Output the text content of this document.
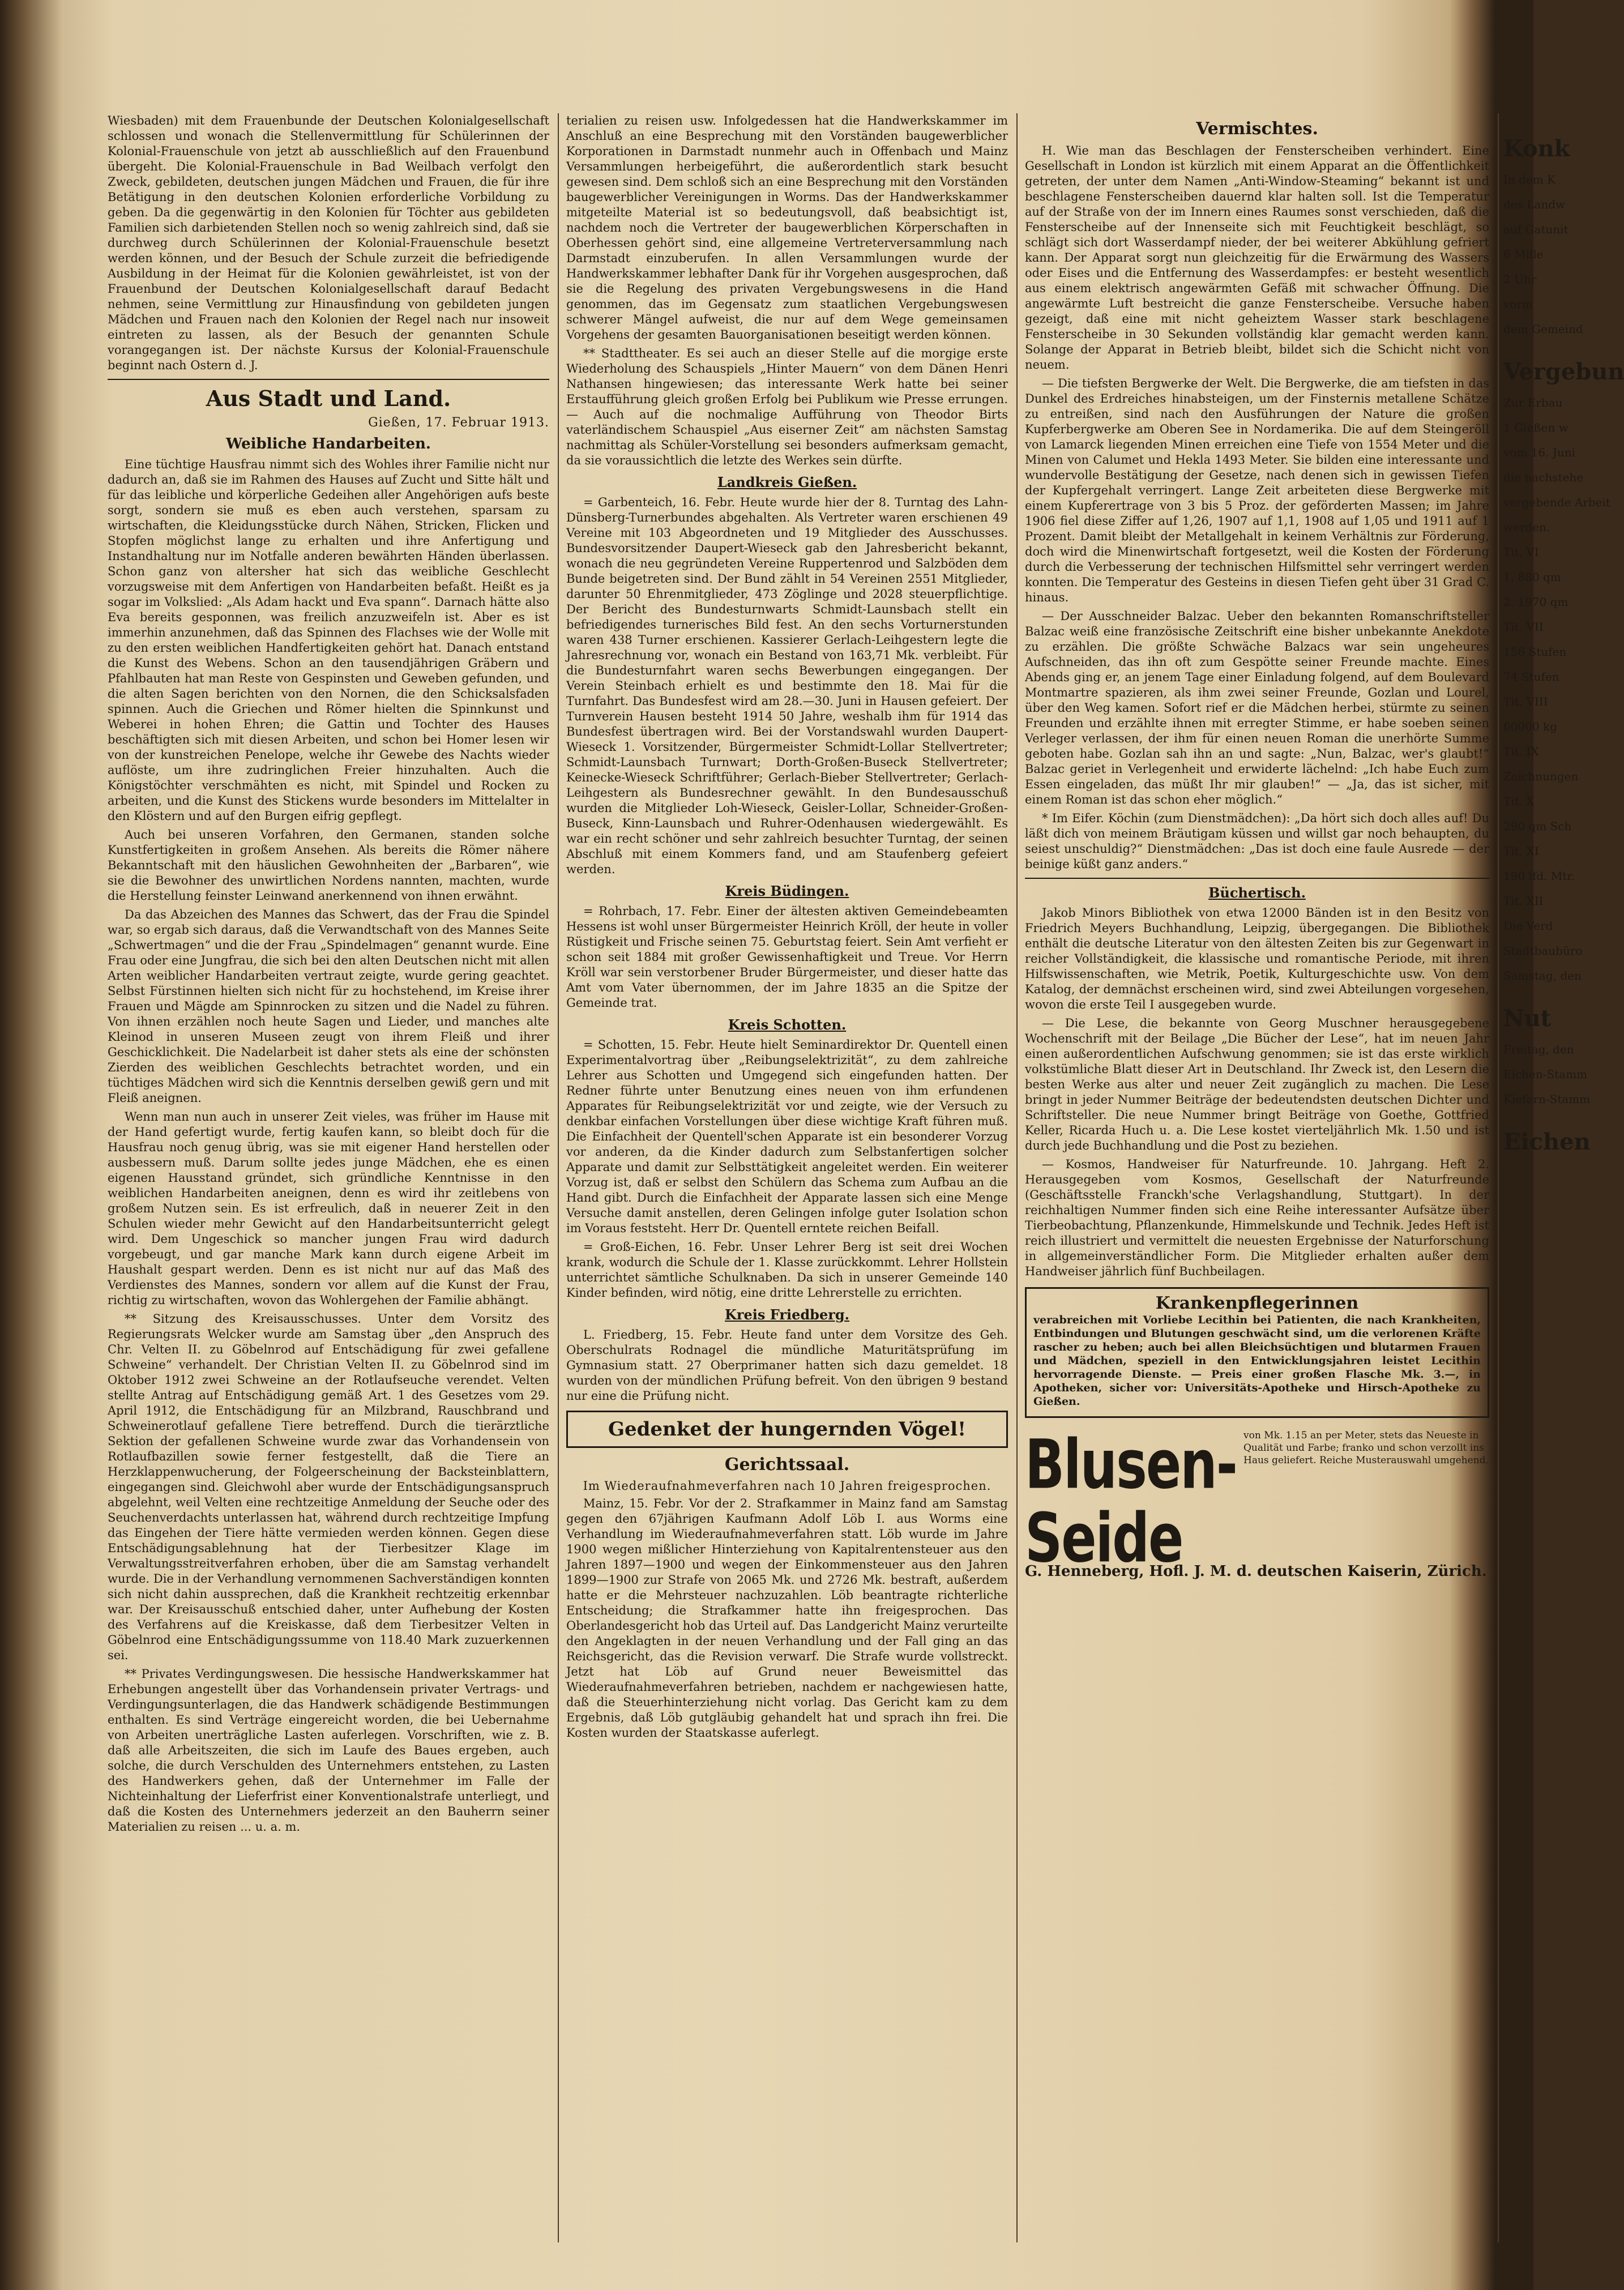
Wiesbaden) mit dem Frauenbunde der Deutschen Kolonialgesellschaft schlossen und wonach die Stellenvermittlung für Schülerinnen der Kolonial-Frauenschule von jetzt ab ausschließlich auf den Frauenbund übergeht. Die Kolonial-Frauenschule in Bad Weilbach verfolgt den Zweck, gebildeten, deutschen jungen Mädchen und Frauen, die für ihre Betätigung in den deutschen Kolonien erforderliche Vorbildung zu geben. Da die gegenwärtig in den Kolonien für Töchter aus gebildeten Familien sich darbietenden Stellen noch so wenig zahlreich sind, daß sie durchweg durch Schülerinnen der Kolonial-Frauenschule besetzt werden können, und der Besuch der Schule zurzeit die befriedigende Ausbildung in der Heimat für die Kolonien gewährleistet, ist von der Frauenbund der Deutschen Kolonialgesellschaft darauf Bedacht nehmen, seine Vermittlung zur Hinausfindung von gebildeten jungen Mädchen und Frauen nach den Kolonien der Regel nach nur insoweit eintreten zu lassen, als der Besuch der genannten Schule vorangegangen ist. Der nächste Kursus der Kolonial-Frauenschule beginnt nach Ostern d. J.

Aus Stadt und Land.
Gießen, 17. Februar 1913.
Weibliche Handarbeiten.

Eine tüchtige Hausfrau nimmt sich des Wohles ihrer Familie nicht nur dadurch an, daß sie im Rahmen des Hauses auf Zucht und Sitte hält und für das leibliche und körperliche Gedeihen aller Angehörigen aufs beste sorgt, sondern sie muß es eben auch verstehen, sparsam zu wirtschaften, die Kleidungsstücke durch Nähen, Stricken, Flicken und Stopfen möglichst lange zu erhalten und ihre Anfertigung und Instandhaltung nur im Notfalle anderen bewährten Händen überlassen. Schon ganz von altersher hat sich das weibliche Geschlecht vorzugsweise mit dem Anfertigen von Handarbeiten befaßt. Heißt es ja sogar im Volkslied: „Als Adam hackt und Eva spann“. Darnach hätte also Eva bereits gesponnen, was freilich anzuzweifeln ist. Aber es ist immerhin anzunehmen, daß das Spinnen des Flachses wie der Wolle mit zu den ersten weiblichen Handfertigkeiten gehört hat. Danach entstand die Kunst des Webens. Schon an den tausendjährigen Gräbern und Pfahlbauten hat man Reste von Gespinsten und Geweben gefunden, und die alten Sagen berichten von den Nornen, die den Schicksalsfaden spinnen. Auch die Griechen und Römer hielten die Spinnkunst und Weberei in hohen Ehren; die Gattin und Tochter des Hauses beschäftigten sich mit diesen Arbeiten, und schon bei Homer lesen wir von der kunstreichen Penelope, welche ihr Gewebe des Nachts wieder auflöste, um ihre zudringlichen Freier hinzuhalten. Auch die Königstöchter verschmähten es nicht, mit Spindel und Rocken zu arbeiten, und die Kunst des Stickens wurde besonders im Mittelalter in den Klöstern und auf den Burgen eifrig gepflegt.

Auch bei unseren Vorfahren, den Germanen, standen solche Kunstfertigkeiten in großem Ansehen. Als bereits die Römer nähere Bekanntschaft mit den häuslichen Gewohnheiten der „Barbaren“, wie sie die Bewohner des unwirtlichen Nordens nannten, machten, wurde die Herstellung feinster Leinwand anerkennend von ihnen erwähnt.

Da das Abzeichen des Mannes das Schwert, das der Frau die Spindel war, so ergab sich daraus, daß die Verwandtschaft von des Mannes Seite „Schwertmagen“ und die der Frau „Spindelmagen“ genannt wurde. Eine Frau oder eine Jungfrau, die sich bei den alten Deutschen nicht mit allen Arten weiblicher Handarbeiten vertraut zeigte, wurde gering geachtet. Selbst Fürstinnen hielten sich nicht für zu hochstehend, im Kreise ihrer Frauen und Mägde am Spinnrocken zu sitzen und die Nadel zu führen. Von ihnen erzählen noch heute Sagen und Lieder, und manches alte Kleinod in unseren Museen zeugt von ihrem Fleiß und ihrer Geschicklichkeit. Die Nadelarbeit ist daher stets als eine der schönsten Zierden des weiblichen Geschlechts betrachtet worden, und ein tüchtiges Mädchen wird sich die Kenntnis derselben gewiß gern und mit Fleiß aneignen.

Wenn man nun auch in unserer Zeit vieles, was früher im Hause mit der Hand gefertigt wurde, fertig kaufen kann, so bleibt doch für die Hausfrau noch genug übrig, was sie mit eigener Hand herstellen oder ausbessern muß. Darum sollte jedes junge Mädchen, ehe es einen eigenen Hausstand gründet, sich gründliche Kenntnisse in den weiblichen Handarbeiten aneignen, denn es wird ihr zeitlebens von großem Nutzen sein. Es ist erfreulich, daß in neuerer Zeit in den Schulen wieder mehr Gewicht auf den Handarbeitsunterricht gelegt wird. Dem Ungeschick so mancher jungen Frau wird dadurch vorgebeugt, und gar manche Mark kann durch eigene Arbeit im Haushalt gespart werden. Denn es ist nicht nur auf das Maß des Verdienstes des Mannes, sondern vor allem auf die Kunst der Frau, richtig zu wirtschaften, wovon das Wohlergehen der Familie abhängt.

** Sitzung des Kreisausschusses. Unter dem Vorsitz des Regierungsrats Welcker wurde am Samstag über „den Anspruch des Chr. Velten II. zu Göbelnrod auf Entschädigung für zwei gefallene Schweine“ verhandelt. Der Christian Velten II. zu Göbelnrod sind im Oktober 1912 zwei Schweine an der Rotlaufseuche verendet. Velten stellte Antrag auf Entschädigung gemäß Art. 1 des Gesetzes vom 29. April 1912, die Entschädigung für an Milzbrand, Rauschbrand und Schweinerotlauf gefallene Tiere betreffend. Durch die tierärztliche Sektion der gefallenen Schweine wurde zwar das Vorhandensein von Rotlaufbazillen sowie ferner festgestellt, daß die Tiere an Herzklappenwucherung, der Folgeerscheinung der Backsteinblattern, eingegangen sind. Gleichwohl aber wurde der Entschädigungsanspruch abgelehnt, weil Velten eine rechtzeitige Anmeldung der Seuche oder des Seuchenverdachts unterlassen hat, während durch rechtzeitige Impfung das Eingehen der Tiere hätte vermieden werden können. Gegen diese Entschädigungsablehnung hat der Tierbesitzer Klage im Verwaltungsstreitverfahren erhoben, über die am Samstag verhandelt wurde. Die in der Verhandlung vernommenen Sachverständigen konnten sich nicht dahin aussprechen, daß die Krankheit rechtzeitig erkennbar war. Der Kreisausschuß entschied daher, unter Aufhebung der Kosten des Verfahrens auf die Kreiskasse, daß dem Tierbesitzer Velten in Göbelnrod eine Entschädigungssumme von 118.40 Mark zuzuerkennen sei.

** Privates Verdingungswesen. Die hessische Handwerkskammer hat Erhebungen angestellt über das Vorhandensein privater Vertrags- und Verdingungsunterlagen, die das Handwerk schädigende Bestimmungen enthalten. Es sind Verträge eingereicht worden, die bei Uebernahme von Arbeiten unerträgliche Lasten auferlegen. Vorschriften, wie z. B. daß alle Arbeitszeiten, die sich im Laufe des Baues ergeben, auch solche, die durch Verschulden des Unternehmers entstehen, zu Lasten des Handwerkers gehen, daß der Unternehmer im Falle der Nichteinhaltung der Lieferfrist einer Konventionalstrafe unterliegt, und daß die Kosten des Unternehmers jederzeit an den Bauherrn seiner Materialien zu reisen ... u. a. m.

terialien zu reisen usw. Infolgedessen hat die Handwerkskammer im Anschluß an eine Besprechung mit den Vorständen baugewerblicher Korporationen in Darmstadt nunmehr auch in Offenbach und Mainz Versammlungen herbeigeführt, die außerordentlich stark besucht gewesen sind. Dem schloß sich an eine Besprechung mit den Vorständen baugewerblicher Vereinigungen in Worms. Das der Handwerkskammer mitgeteilte Material ist so bedeutungsvoll, daß beabsichtigt ist, nachdem noch die Vertreter der baugewerblichen Körperschaften in Oberhessen gehört sind, eine allgemeine Vertreterversammlung nach Darmstadt einzuberufen. In allen Versammlungen wurde der Handwerkskammer lebhafter Dank für ihr Vorgehen ausgesprochen, daß sie die Regelung des privaten Vergebungswesens in die Hand genommen, das im Gegensatz zum staatlichen Vergebungswesen schwerer Mängel aufweist, die nur auf dem Wege gemeinsamen Vorgehens der gesamten Bauorganisationen beseitigt werden können.

** Stadttheater. Es sei auch an dieser Stelle auf die morgige erste Wiederholung des Schauspiels „Hinter Mauern“ von dem Dänen Henri Nathansen hingewiesen; das interessante Werk hatte bei seiner Erstaufführung gleich großen Erfolg bei Publikum wie Presse errungen. — Auch auf die nochmalige Aufführung von Theodor Birts vaterländischem Schauspiel „Aus eiserner Zeit“ am nächsten Samstag nachmittag als Schüler-Vorstellung sei besonders aufmerksam gemacht, da sie voraussichtlich die letzte des Werkes sein dürfte.

Landkreis Gießen.

= Garbenteich, 16. Febr. Heute wurde hier der 8. Turntag des Lahn-Dünsberg-Turnerbundes abgehalten. Als Vertreter waren erschienen 49 Vereine mit 103 Abgeordneten und 19 Mitglieder des Ausschusses. Bundesvorsitzender Daupert-Wieseck gab den Jahresbericht bekannt, wonach die neu gegründeten Vereine Ruppertenrod und Salzböden dem Bunde beigetreten sind. Der Bund zählt in 54 Vereinen 2551 Mitglieder, darunter 50 Ehrenmitglieder, 473 Zöglinge und 2028 steuerpflichtige. Der Bericht des Bundesturnwarts Schmidt-Launsbach stellt ein befriedigendes turnerisches Bild fest. An den sechs Vorturnerstunden waren 438 Turner erschienen. Kassierer Gerlach-Leihgestern legte die Jahresrechnung vor, wonach ein Bestand von 163,71 Mk. verbleibt. Für die Bundesturnfahrt waren sechs Bewerbungen eingegangen. Der Verein Steinbach erhielt es und bestimmte den 18. Mai für die Turnfahrt. Das Bundesfest wird am 28.—30. Juni in Hausen gefeiert. Der Turnverein Hausen besteht 1914 50 Jahre, weshalb ihm für 1914 das Bundesfest übertragen wird. Bei der Vorstandswahl wurden Daupert-Wieseck 1. Vorsitzender, Bürgermeister Schmidt-Lollar Stellvertreter; Schmidt-Launsbach Turnwart; Dorth-Großen-Buseck Stellvertreter; Keinecke-Wieseck Schriftführer; Gerlach-Bieber Stellvertreter; Gerlach-Leihgestern als Bundesrechner gewählt. In den Bundesausschuß wurden die Mitglieder Loh-Wieseck, Geisler-Lollar, Schneider-Großen-Buseck, Kinn-Launsbach und Ruhrer-Odenhausen wiedergewählt. Es war ein recht schöner und sehr zahlreich besuchter Turntag, der seinen Abschluß mit einem Kommers fand, und am Staufenberg gefeiert werden.

Kreis Büdingen.

= Rohrbach, 17. Febr. Einer der ältesten aktiven Gemeindebeamten Hessens ist wohl unser Bürgermeister Heinrich Kröll, der heute in voller Rüstigkeit und Frische seinen 75. Geburtstag feiert. Sein Amt verfieht er schon seit 1884 mit großer Gewissenhaftigkeit und Treue. Vor Herrn Kröll war sein verstorbener Bruder Bürgermeister, und dieser hatte das Amt vom Vater übernommen, der im Jahre 1835 an die Spitze der Gemeinde trat.

Kreis Schotten.

= Schotten, 15. Febr. Heute hielt Seminardirektor Dr. Quentell einen Experimentalvortrag über „Reibungselektrizität“, zu dem zahlreiche Lehrer aus Schotten und Umgegend sich eingefunden hatten. Der Redner führte unter Benutzung eines neuen von ihm erfundenen Apparates für Reibungselektrizität vor und zeigte, wie der Versuch zu denkbar einfachen Vorstellungen über diese wichtige Kraft führen muß. Die Einfachheit der Quentell'schen Apparate ist ein besonderer Vorzug vor anderen, da die Kinder dadurch zum Selbstanfertigen solcher Apparate und damit zur Selbsttätigkeit angeleitet werden. Ein weiterer Vorzug ist, daß er selbst den Schülern das Schema zum Aufbau an die Hand gibt. Durch die Einfachheit der Apparate lassen sich eine Menge Versuche damit anstellen, deren Gelingen infolge guter Isolation schon im Voraus feststeht. Herr Dr. Quentell erntete reichen Beifall.

= Groß-Eichen, 16. Febr. Unser Lehrer Berg ist seit drei Wochen krank, wodurch die Schule der 1. Klasse zurückkommt. Lehrer Hollstein unterrichtet sämtliche Schulknaben. Da sich in unserer Gemeinde 140 Kinder befinden, wird nötig, eine dritte Lehrerstelle zu errichten.

Kreis Friedberg.

L. Friedberg, 15. Febr. Heute fand unter dem Vorsitze des Geh. Oberschulrats Rodnagel die mündliche Maturitätsprüfung im Gymnasium statt. 27 Oberprimaner hatten sich dazu gemeldet. 18 wurden von der mündlichen Prüfung befreit. Von den übrigen 9 bestand nur eine die Prüfung nicht.

Gedenket der hungernden Vögel!
Gerichtssaal.
Im Wiederaufnahmeverfahren nach 10 Jahren freigesprochen.

Mainz, 15. Febr. Vor der 2. Strafkammer in Mainz fand am Samstag gegen den 67jährigen Kaufmann Adolf Löb I. aus Worms eine Verhandlung im Wiederaufnahmeverfahren statt. Löb wurde im Jahre 1900 wegen mißlicher Hinterziehung von Kapitalrentensteuer aus den Jahren 1897—1900 und wegen der Einkommensteuer aus den Jahren 1899—1900 zur Strafe von 2065 Mk. und 2726 Mk. bestraft, außerdem hatte er die Mehrsteuer nachzuzahlen. Löb beantragte richterliche Entscheidung; die Strafkammer hatte ihn freigesprochen. Das Oberlandesgericht hob das Urteil auf. Das Landgericht Mainz verurteilte den Angeklagten in der neuen Verhandlung und der Fall ging an das Reichsgericht, das die Revision verwarf. Die Strafe wurde vollstreckt. Jetzt hat Löb auf Grund neuer Beweismittel das Wiederaufnahmeverfahren betrieben, nachdem er nachgewiesen hatte, daß die Steuerhinterziehung nicht vorlag. Das Gericht kam zu dem Ergebnis, daß Löb gutgläubig gehandelt hat und sprach ihn frei. Die Kosten wurden der Staatskasse auferlegt.

Vermischtes.

H. Wie man das Beschlagen der Fensterscheiben verhindert. Eine Gesellschaft in London ist kürzlich mit einem Apparat an die Öffentlichkeit getreten, der unter dem Namen „Anti-Window-Steaming“ bekannt ist und beschlagene Fensterscheiben dauernd klar halten soll. Ist die Temperatur auf der Straße von der im Innern eines Raumes sonst verschieden, daß die Fensterscheibe auf der Innenseite sich mit Feuchtigkeit beschlägt, so schlägt sich dort Wasserdampf nieder, der bei weiterer Abkühlung gefriert kann. Der Apparat sorgt nun gleichzeitig für die Erwärmung des Wassers oder Eises und die Entfernung des Wasserdampfes: er besteht wesentlich aus einem elektrisch angewärmten Gefäß mit schwacher Öffnung. Die angewärmte Luft bestreicht die ganze Fensterscheibe. Versuche haben gezeigt, daß eine mit nicht geheiztem Wasser stark beschlagene Fensterscheibe in 30 Sekunden vollständig klar gemacht werden kann. Solange der Apparat in Betrieb bleibt, bildet sich die Schicht nicht von neuem.

— Die tiefsten Bergwerke der Welt. Die Bergwerke, die am tiefsten in das Dunkel des Erdreiches hinabsteigen, um der Finsternis metallene Schätze zu entreißen, sind nach den Ausführungen der Nature die großen Kupferbergwerke am Oberen See in Nordamerika. Die auf dem Steingeröll von Lamarck liegenden Minen erreichen eine Tiefe von 1554 Meter und die Minen von Calumet und Hekla 1493 Meter. Sie bilden eine interessante und wundervolle Bestätigung der Gesetze, nach denen sich in gewissen Tiefen der Kupfergehalt verringert. Lange Zeit arbeiteten diese Bergwerke mit einem Kupferertrage von 3 bis 5 Proz. der geförderten Massen; im Jahre 1906 fiel diese Ziffer auf 1,26, 1907 auf 1,1, 1908 auf 1,05 und 1911 auf 1 Prozent. Damit bleibt der Metallgehalt in keinem Verhältnis zur Förderung, doch wird die Minenwirtschaft fortgesetzt, weil die Kosten der Förderung durch die Verbesserung der technischen Hilfsmittel sehr verringert werden konnten. Die Temperatur des Gesteins in diesen Tiefen geht über 31 Grad C. hinaus.

— Der Ausschneider Balzac. Ueber den bekannten Romanschriftsteller Balzac weiß eine französische Zeitschrift eine bisher unbekannte Anekdote zu erzählen. Die größte Schwäche Balzacs war sein ungeheures Aufschneiden, das ihn oft zum Gespötte seiner Freunde machte. Eines Abends ging er, an jenem Tage einer Einladung folgend, auf dem Boulevard Montmartre spazieren, als ihm zwei seiner Freunde, Gozlan und Lourel, über den Weg kamen. Sofort rief er die Mädchen herbei, stürmte zu seinen Freunden und erzählte ihnen mit erregter Stimme, er habe soeben seinen Verleger verlassen, der ihm für einen neuen Roman die unerhörte Summe geboten habe. Gozlan sah ihn an und sagte: „Nun, Balzac, wer's glaubt!“ Balzac geriet in Verlegenheit und erwiderte lächelnd: „Ich habe Euch zum Essen eingeladen, das müßt Ihr mir glauben!“ — „Ja, das ist sicher, mit einem Roman ist das schon eher möglich.“

* Im Eifer. Köchin (zum Dienstmädchen): „Da hört sich doch alles auf! Du läßt dich von meinem Bräutigam küssen und willst gar noch behaupten, du seiest unschuldig?“ Dienstmädchen: „Das ist doch eine faule Ausrede — der beinige küßt ganz anders.“

Büchertisch.

Jakob Minors Bibliothek von etwa 12000 Bänden ist in den Besitz von Friedrich Meyers Buchhandlung, Leipzig, übergegangen. Die Bibliothek enthält die deutsche Literatur von den ältesten Zeiten bis zur Gegenwart in reicher Vollständigkeit, die klassische und romantische Periode, mit ihren Hilfswissenschaften, wie Metrik, Poetik, Kulturgeschichte usw. Von dem Katalog, der demnächst erscheinen wird, sind zwei Abteilungen vorgesehen, wovon die erste Teil I ausgegeben wurde.

— Die Lese, die bekannte von Georg Muschner herausgegebene Wochenschrift mit der Beilage „Die Bücher der Lese“, hat im neuen Jahr einen außerordentlichen Aufschwung genommen; sie ist das erste wirklich volkstümliche Blatt dieser Art in Deutschland. Ihr Zweck ist, den Lesern die besten Werke aus alter und neuer Zeit zugänglich zu machen. Die Lese bringt in jeder Nummer Beiträge der bedeutendsten deutschen Dichter und Schriftsteller. Die neue Nummer bringt Beiträge von Goethe, Gottfried Keller, Ricarda Huch u. a. Die Lese kostet vierteljährlich Mk. 1.50 und ist durch jede Buchhandlung und die Post zu beziehen.

— Kosmos, Handweiser für Naturfreunde. 10. Jahrgang. Heft 2. Herausgegeben vom Kosmos, Gesellschaft der Naturfreunde (Geschäftsstelle Franckh'sche Verlagshandlung, Stuttgart). In der reichhaltigen Nummer finden sich eine Reihe interessanter Aufsätze über Tierbeobachtung, Pflanzenkunde, Himmelskunde und Technik. Jedes Heft ist reich illustriert und vermittelt die neuesten Ergebnisse der Naturforschung in allgemeinverständlicher Form. Die Mitglieder erhalten außer dem Handweiser jährlich fünf Buchbeilagen.

Krankenpflegerinnen

verabreichen mit Vorliebe Lecithin bei Patienten, die nach Krankheiten, Entbindungen und Blutungen geschwächt sind, um die verlorenen Kräfte rascher zu heben; auch bei allen Bleichsüchtigen und blutarmen Frauen und Mädchen, speziell in den Entwicklungsjahren leistet Lecithin hervorragende Dienste. — Preis einer großen Flasche Mk. 3.—, in Apotheken, sicher vor: Universitäts-Apotheke und Hirsch-Apotheke zu Gießen.

Blusen-Seide
von Mk. 1.15 an per Meter, stets das Neueste in Qualität und Farbe; franko und schon verzollt ins Haus geliefert. Reiche Musterauswahl umgehend.
G. Henneberg, Hofl. J. M. d. deutschen Kaiserin, Zürich.
Konk
In dem K
des Landw
auf Gatunit
6 Mille
2 Uhr
vorm
dem Gemeind
Vergebun
Zur Erbau
1 Gießen w
vom 16. Juni
die nachstehe
vergebende Arbeit
werden.
Tit. VI
1. 880 qm
2. 1970 qm
Tit. VII
156 Stufen
74 Stufen
Tit. VIII
60000 kg
Tit. IX
Zeichnungen
Tit. X
290 qm Sch
Tit. XI
190 lfd. Mtr.
Tit. XII
Die Verd
Stadtbaubüro
Samstag, den
Nut
Freitag, den
Eichen-Stamm
Kiefern-Stamm
Eichen
